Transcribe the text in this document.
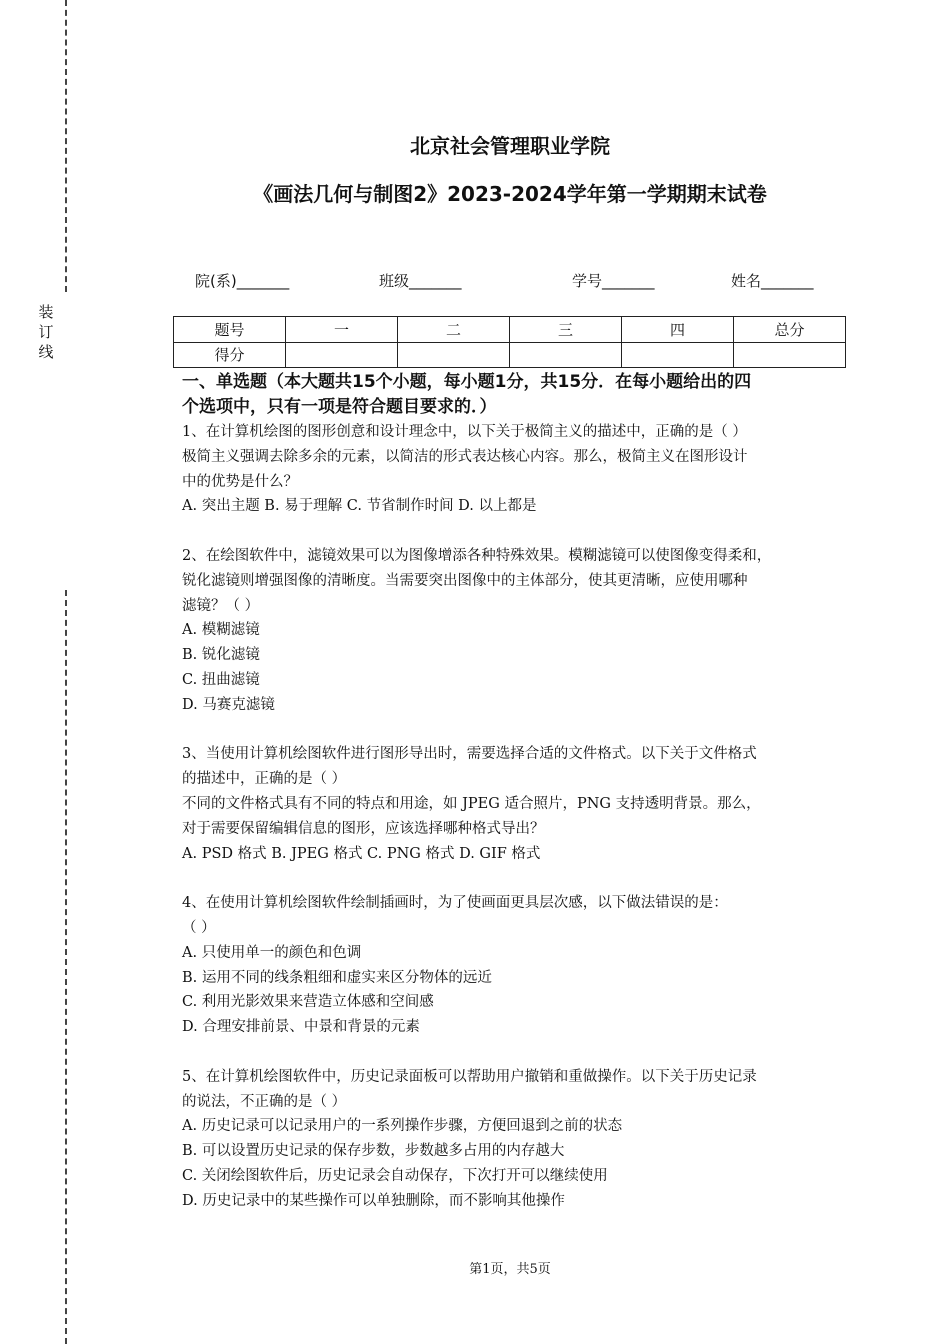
装
订
线
北京社会管理职业学院
《画法几何与制图2》2023-2024学年第一学期期末试卷
院(系)_______	班级_______	学号_______	姓名_______
题号	一	二	三	四	总分
得分					

一、单选题（本大题共15个小题，每小题1分，共15分．在每小题给出的四

个选项中，只有一项是符合题目要求的．）

1、在计算机绘图的图形创意和设计理念中，以下关于极简主义的描述中，正确的是（ ）

极简主义强调去除多余的元素，以简洁的形式表达核心内容。那么，极简主义在图形设计

中的优势是什么？

A. 突出主题 B. 易于理解 C. 节省制作时间 D. 以上都是

2、在绘图软件中，滤镜效果可以为图像增添各种特殊效果。模糊滤镜可以使图像变得柔和，

锐化滤镜则增强图像的清晰度。当需要突出图像中的主体部分，使其更清晰，应使用哪种

滤镜？（ ）

A. 模糊滤镜

B. 锐化滤镜

C. 扭曲滤镜

D. 马赛克滤镜

3、当使用计算机绘图软件进行图形导出时，需要选择合适的文件格式。以下关于文件格式

的描述中，正确的是（ ）

不同的文件格式具有不同的特点和用途，如 JPEG 适合照片，PNG 支持透明背景。那么，

对于需要保留编辑信息的图形，应该选择哪种格式导出？

A. PSD 格式 B. JPEG 格式 C. PNG 格式 D. GIF 格式

4、在使用计算机绘图软件绘制插画时，为了使画面更具层次感，以下做法错误的是：

（ ）

A. 只使用单一的颜色和色调

B. 运用不同的线条粗细和虚实来区分物体的远近

C. 利用光影效果来营造立体感和空间感

D. 合理安排前景、中景和背景的元素

5、在计算机绘图软件中，历史记录面板可以帮助用户撤销和重做操作。以下关于历史记录

的说法，不正确的是（ ）

A. 历史记录可以记录用户的一系列操作步骤，方便回退到之前的状态

B. 可以设置历史记录的保存步数，步数越多占用的内存越大

C. 关闭绘图软件后，历史记录会自动保存，下次打开可以继续使用

D. 历史记录中的某些操作可以单独删除，而不影响其他操作

第1页，共5页
